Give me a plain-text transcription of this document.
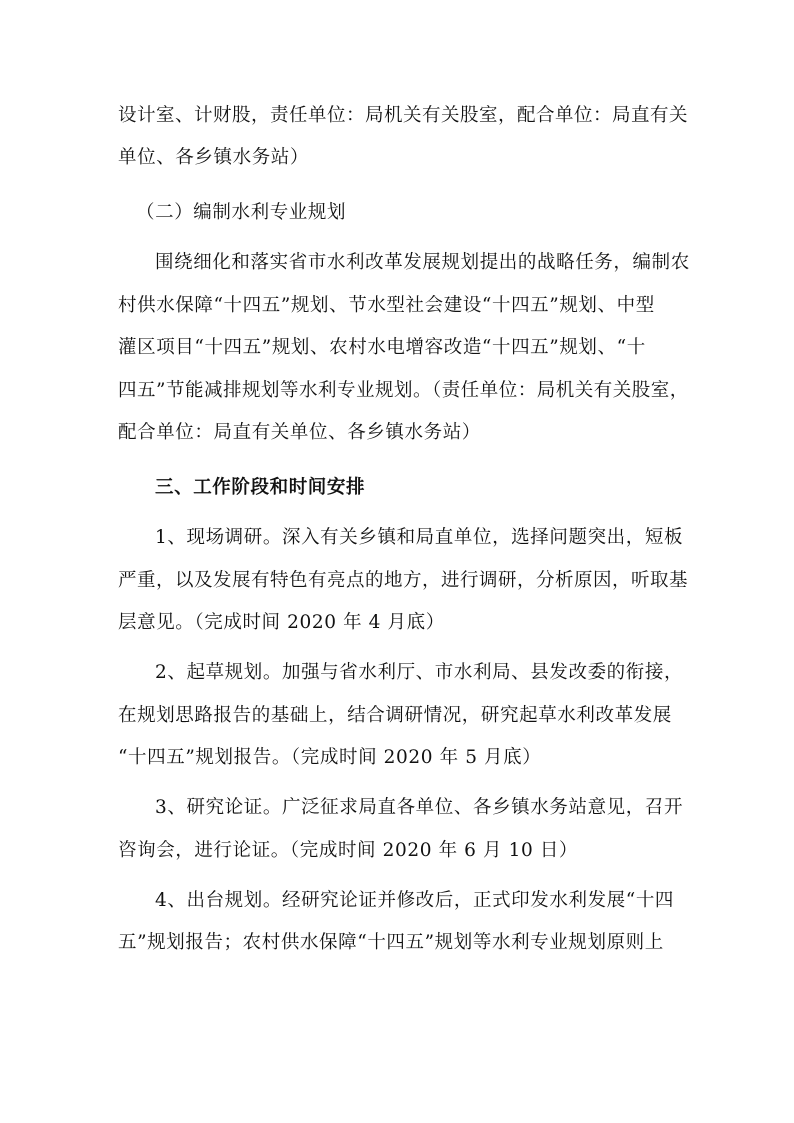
设计室、计财股，责任单位：局机关有关股室，配合单位：局直有关
单位、各乡镇水务站）
（二）编制水利专业规划
围绕细化和落实省市水利改革发展规划提出的战略任务，编制农
村供水保障“十四五”规划、节水型社会建设“十四五”规划、中型
灌区项目“十四五”规划、农村水电增容改造“十四五”规划、“十
四五”节能减排规划等水利专业规划。（责任单位：局机关有关股室，
配合单位：局直有关单位、各乡镇水务站）
三、工作阶段和时间安排
1、现场调研。深入有关乡镇和局直单位，选择问题突出，短板
严重，以及发展有特色有亮点的地方，进行调研，分析原因，听取基
层意见。（完成时间 2020 年 4 月底）
2、起草规划。加强与省水利厅、市水利局、县发改委的衔接，
在规划思路报告的基础上，结合调研情况，研究起草水利改革发展
“十四五”规划报告。（完成时间 2020 年 5 月底）
3、研究论证。广泛征求局直各单位、各乡镇水务站意见，召开
咨询会，进行论证。（完成时间 2020 年 6 月 10 日）
4、出台规划。经研究论证并修改后，正式印发水利发展“十四
五”规划报告；农村供水保障“十四五”规划等水利专业规划原则上
